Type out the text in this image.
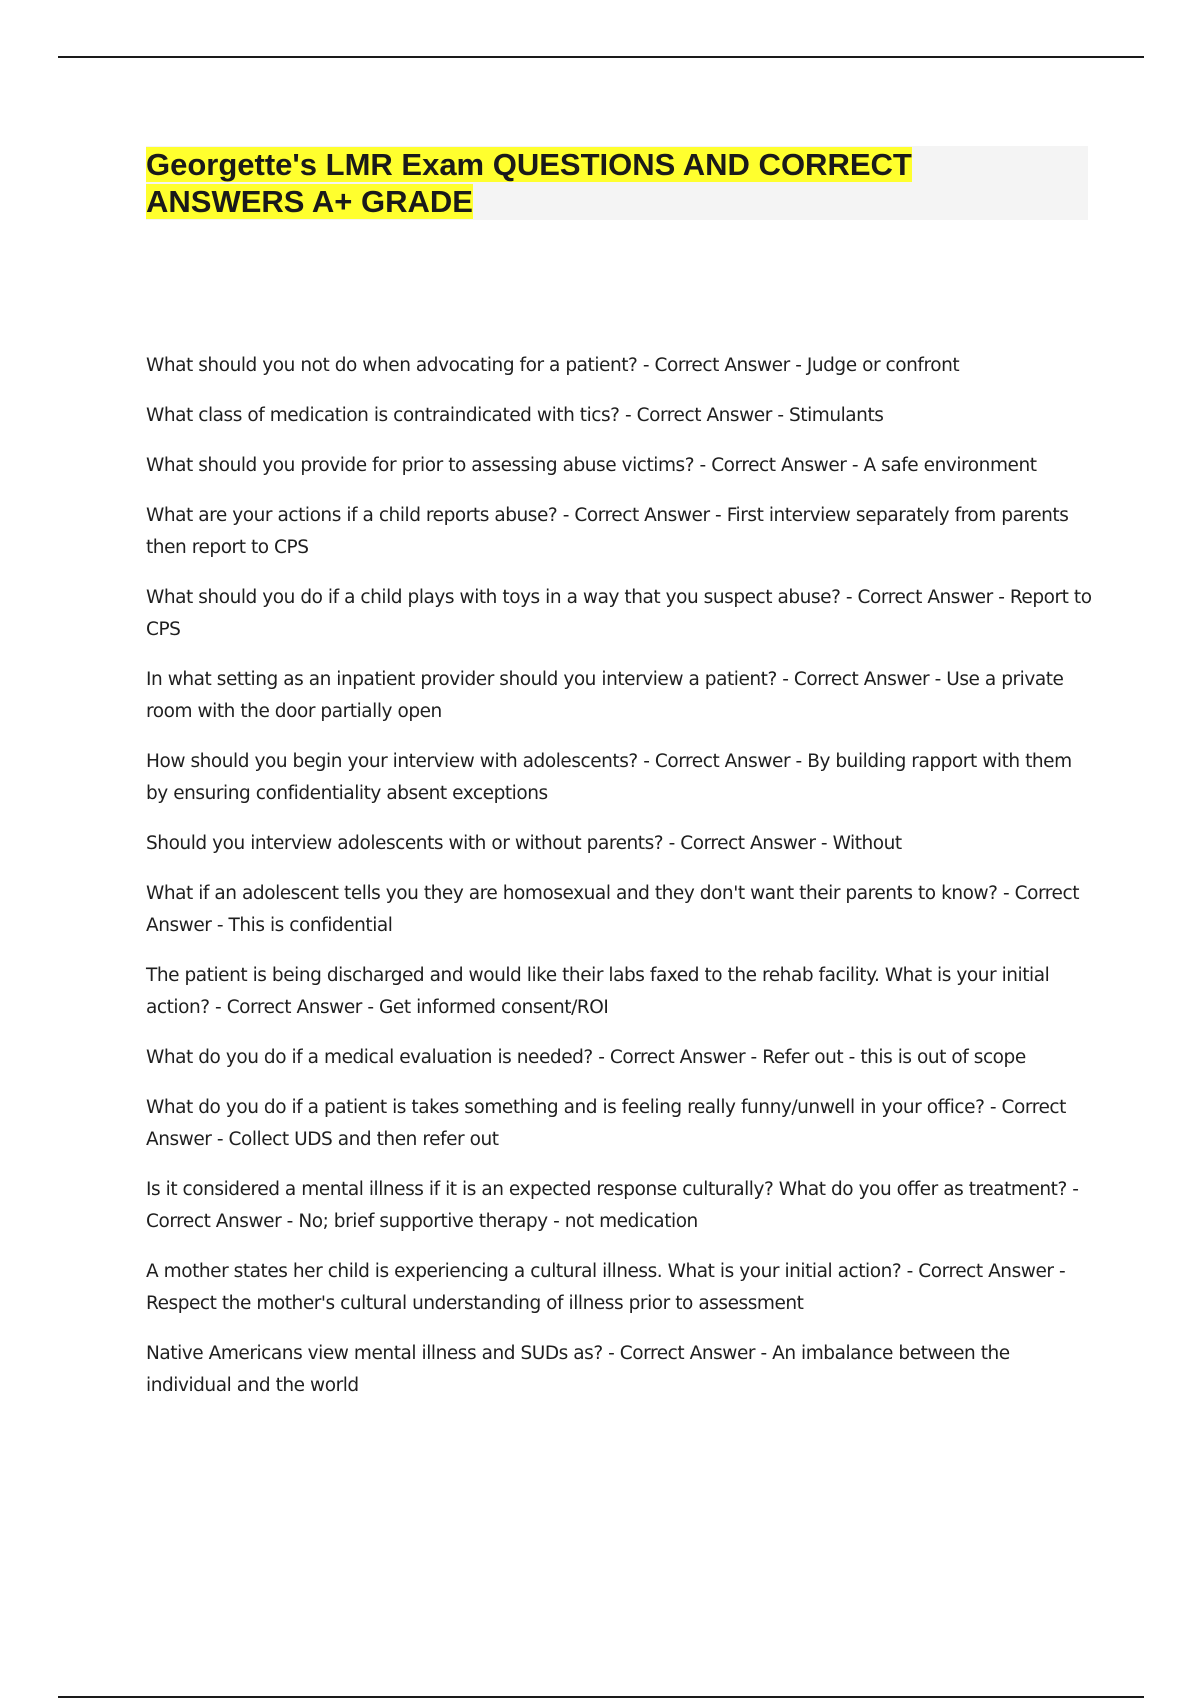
Georgette's LMR Exam QUESTIONS AND CORRECT ANSWERS A+ GRADE
What should you not do when advocating for a patient? - Correct Answer - Judge or confront
What class of medication is contraindicated with tics? - Correct Answer - Stimulants
What should you provide for prior to assessing abuse victims? - Correct Answer - A safe environment
What are your actions if a child reports abuse? - Correct Answer - First interview separately from parents then report to CPS
What should you do if a child plays with toys in a way that you suspect abuse? - Correct Answer - Report to CPS
In what setting as an inpatient provider should you interview a patient? - Correct Answer - Use a private room with the door partially open
How should you begin your interview with adolescents? - Correct Answer - By building rapport with them by ensuring confidentiality absent exceptions
Should you interview adolescents with or without parents? - Correct Answer - Without
What if an adolescent tells you they are homosexual and they don't want their parents to know? - Correct Answer - This is confidential
The patient is being discharged and would like their labs faxed to the rehab facility. What is your initial action? - Correct Answer - Get informed consent/ROI
What do you do if a medical evaluation is needed? - Correct Answer - Refer out - this is out of scope
What do you do if a patient is takes something and is feeling really funny/unwell in your office? - Correct Answer - Collect UDS and then refer out
Is it considered a mental illness if it is an expected response culturally? What do you offer as treatment? - Correct Answer - No; brief supportive therapy - not medication
A mother states her child is experiencing a cultural illness. What is your initial action? - Correct Answer - Respect the mother's cultural understanding of illness prior to assessment
Native Americans view mental illness and SUDs as? - Correct Answer - An imbalance between the individual and the world
